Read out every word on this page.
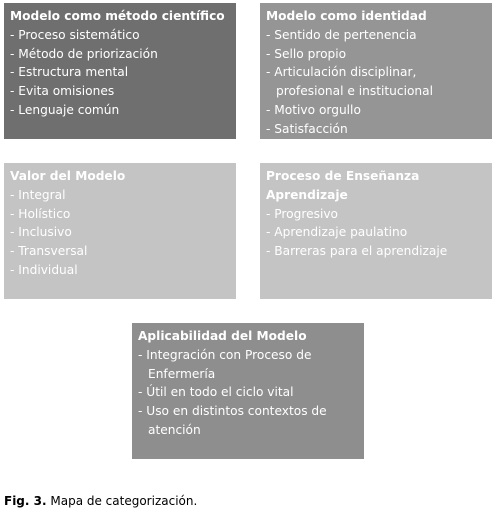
Modelo como método científico
- Proceso sistemático
- Método de priorización
- Estructura mental
- Evita omisiones
- Lenguaje común
Modelo como identidad
- Sentido de pertenencia
- Sello propio
- Articulación disciplinar, profesional e institucional
- Motivo orgullo
- Satisfacción
Valor del Modelo
- Integral
- Holístico
- Inclusivo
- Transversal
- Individual
Proceso de Enseñanza Aprendizaje
- Progresivo
- Aprendizaje paulatino
- Barreras para el aprendizaje
Aplicabilidad del Modelo
- Integración con Proceso de Enfermería
- Útil en todo el ciclo vital
- Uso en distintos contextos de atención
Fig. 3. Mapa de categorización.
